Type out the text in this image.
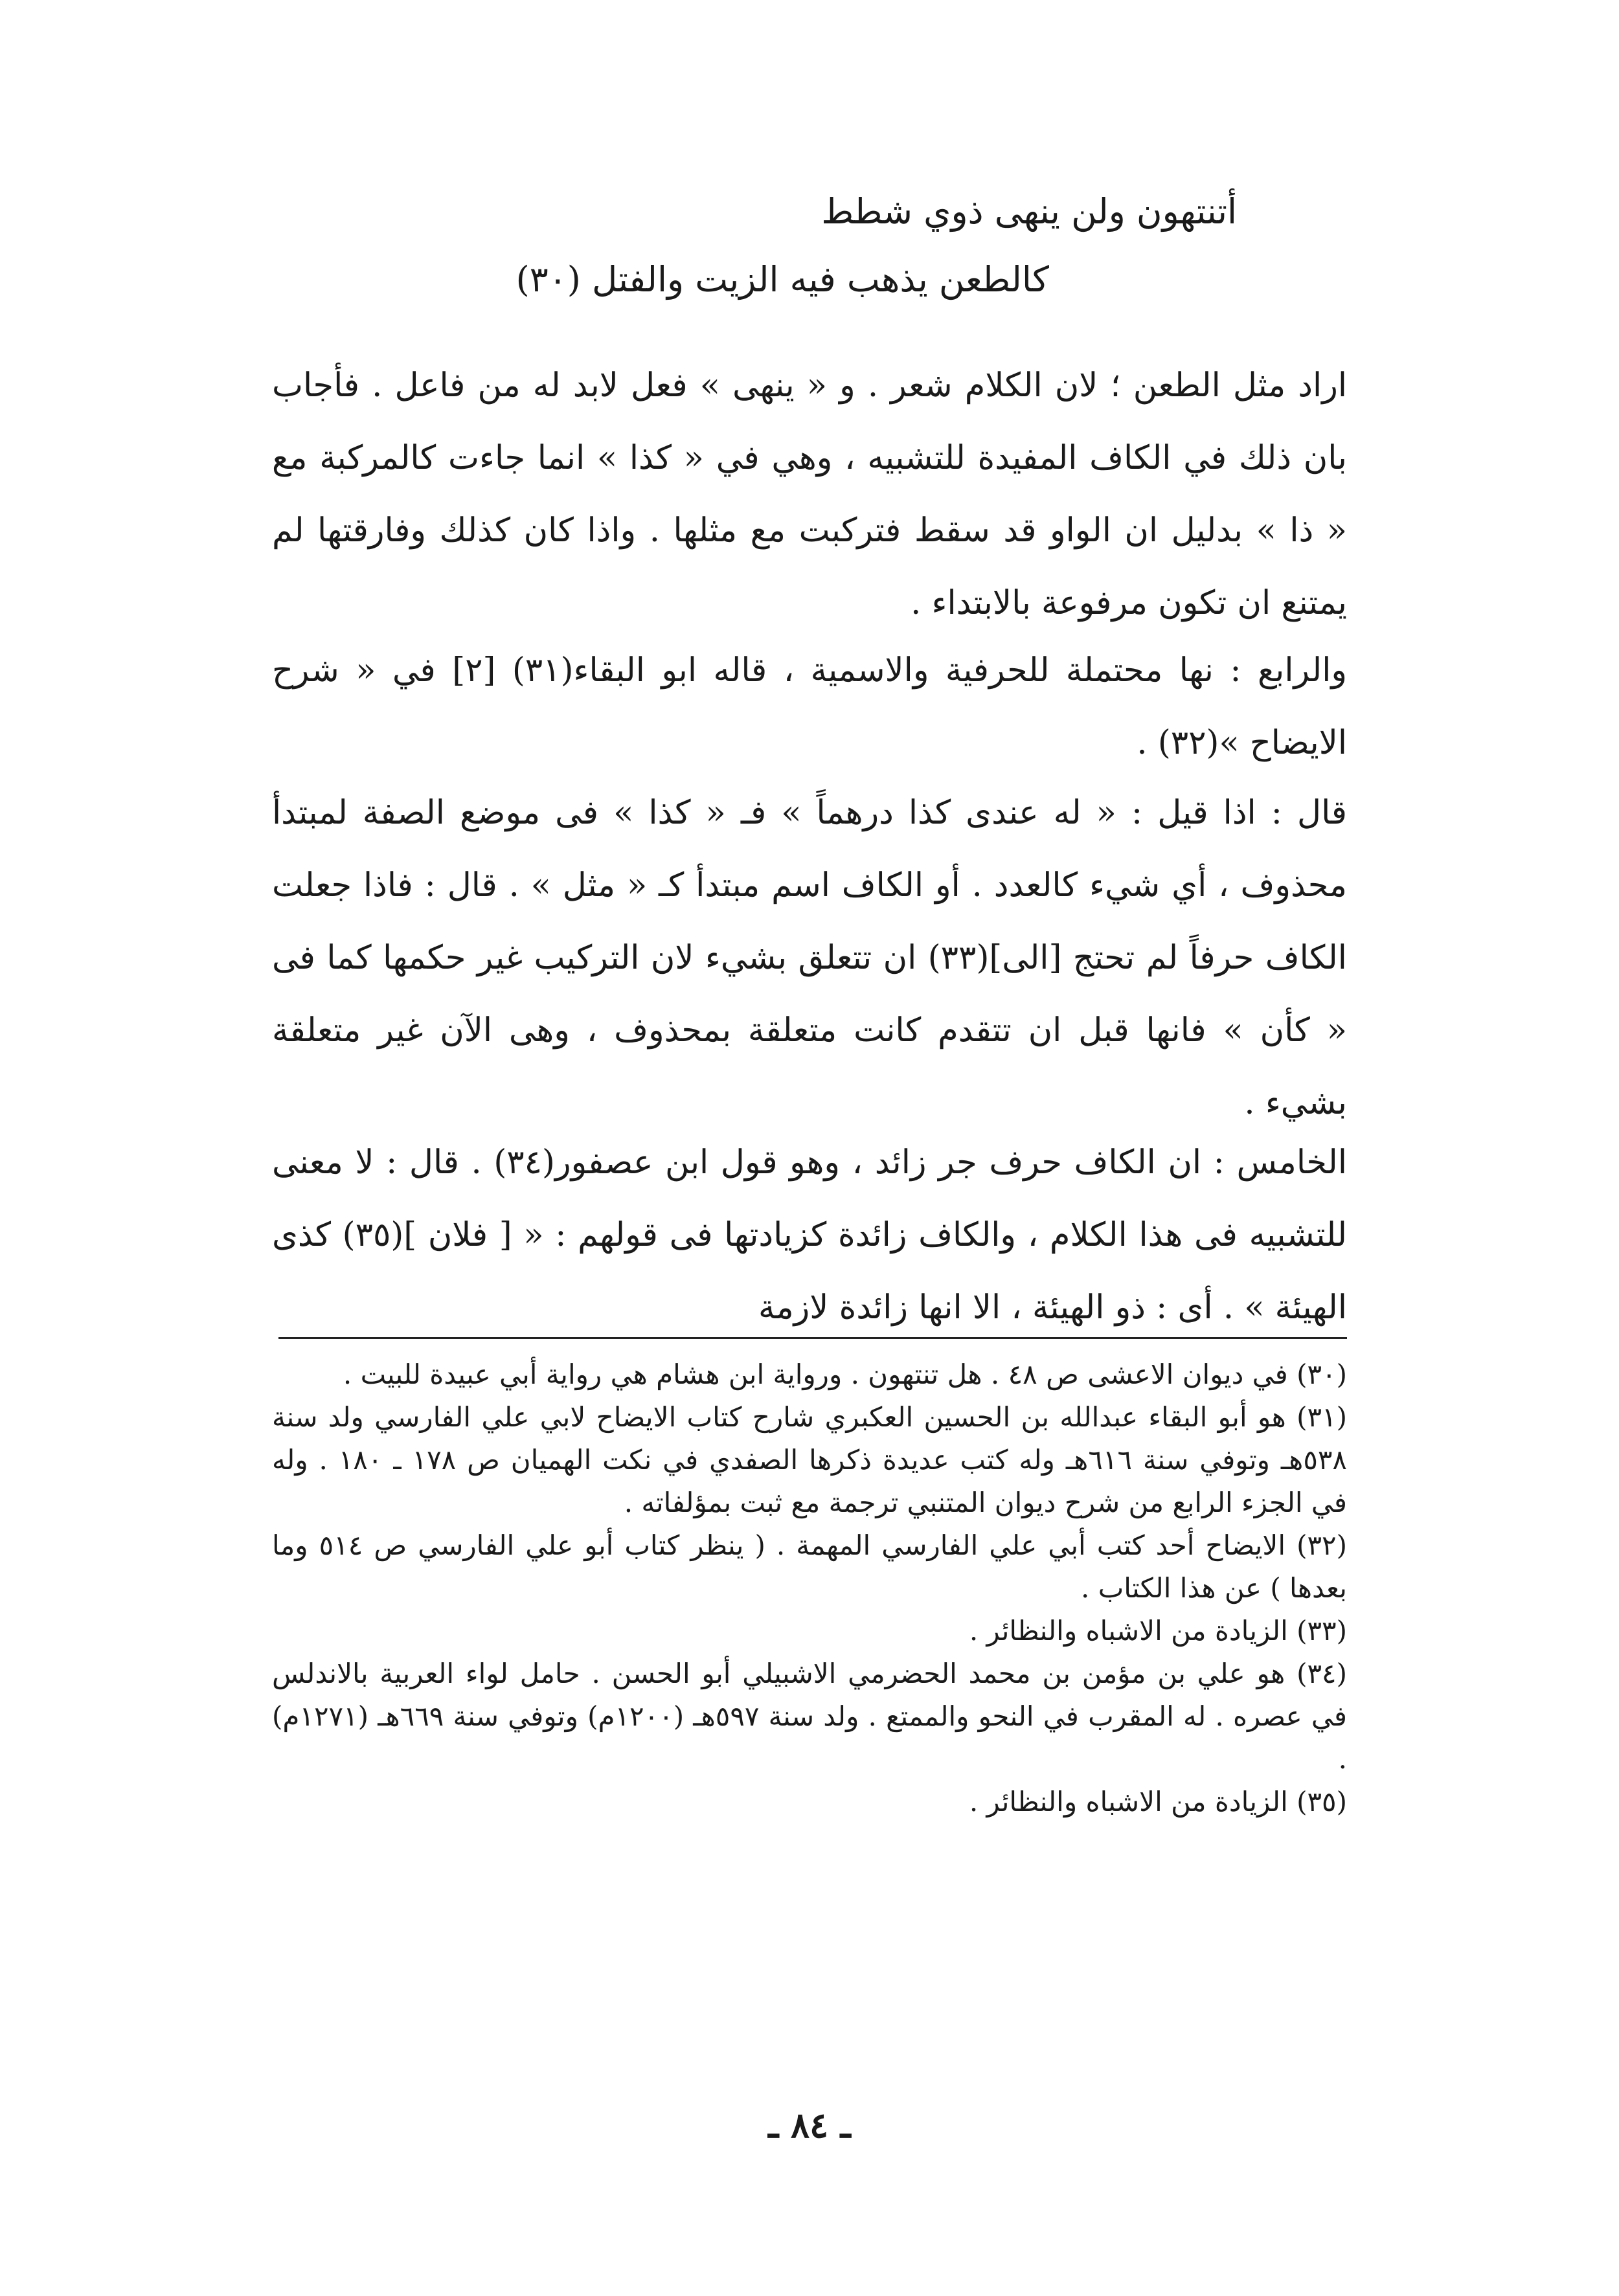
أتنتهون ولن ينهى ذوي شطط
كالطعن يذهب فيه الزيت والفتل (٣٠)

اراد مثل الطعن ؛ لان الكلام شعر . و « ينهى » فعل لابد له من فاعل . فأجاب بان ذلك في الكاف المفيدة للتشبيه ، وهي في « كذا » انما جاءت كالمركبة مع « ذا » بدليل ان الواو قد سقط فتركبت مع مثلها . واذا كان كذلك وفارقتها لم يمتنع ان تكون مرفوعة بالابتداء .

والرابع : نها محتملة للحرفية والاسمية ، قاله ابو البقاء(٣١) [٢] في « شرح الايضاح »(٣٢) .

قال : اذا قيل : « له عندى كذا درهماً » فـ « كذا » فى موضع الصفة لمبتدأ محذوف ، أي شيء كالعدد . أو الكاف اسم مبتدأ كـ « مثل » . قال : فاذا جعلت الكاف حرفاً لم تحتج [الى](٣٣) ان تتعلق بشيء لان التركيب غير حكمها كما فى « كأن » فانها قبل ان تتقدم كانت متعلقة بمحذوف ، وهى الآن غير متعلقة بشيء .

الخامس : ان الكاف حرف جر زائد ، وهو قول ابن عصفور(٣٤) . قال : لا معنى للتشبيه فى هذا الكلام ، والكاف زائدة كزيادتها فى قولهم : « [ فلان ](٣٥) كذى الهيئة » . أى : ذو الهيئة ، الا انها زائدة لازمة

(٣٠) في ديوان الاعشى ص ٤٨ . هل تنتهون . ورواية ابن هشام هي رواية أبي عبيدة للبيت .

(٣١) هو أبو البقاء عبدالله بن الحسين العكبري شارح كتاب الايضاح لابي علي الفارسي ولد سنة ٥٣٨هـ وتوفي سنة ٦١٦هـ وله كتب عديدة ذكرها الصفدي في نكت الهميان ص ١٧٨ ـ ١٨٠ . وله في الجزء الرابع من شرح ديوان المتنبي ترجمة مع ثبت بمؤلفاته .

(٣٢) الايضاح أحد كتب أبي علي الفارسي المهمة . ( ينظر كتاب أبو علي الفارسي ص ٥١٤ وما بعدها ) عن هذا الكتاب .

(٣٣) الزيادة من الاشباه والنظائر .

(٣٤) هو علي بن مؤمن بن محمد الحضرمي الاشبيلي أبو الحسن . حامل لواء العربية بالاندلس في عصره . له المقرب في النحو والممتع . ولد سنة ٥٩٧هـ (١٢٠٠م) وتوفي سنة ٦٦٩هـ (١٢٧١م) .

(٣٥) الزيادة من الاشباه والنظائر .

ـ ٨٤ ـ
